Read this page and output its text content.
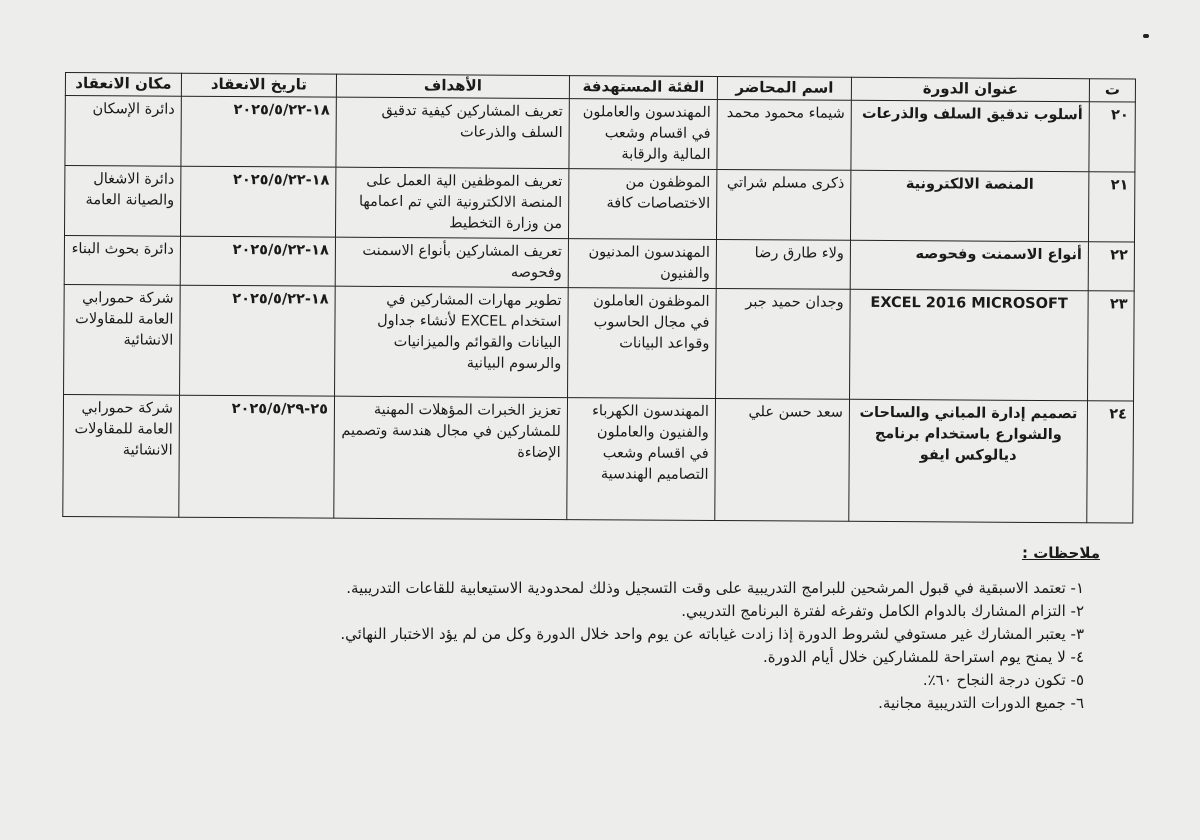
ت	عنوان الدورة	اسم المحاضر	الفئة المستهدفة	الأهداف	تاريخ الانعقاد	مكان الانعقاد
٢٠	أسلوب تدقيق السلف والذرعات	شيماء محمود محمد	المهندسون والعاملون في اقسام وشعب المالية والرقابة	تعريف المشاركين كيفية تدقيق السلف والذرعات	١٨-٢٠٢٥/٥/٢٢	دائرة الإسكان
٢١	المنصة الالكترونية	ذكرى مسلم شراتي	الموظفون من الاختصاصات كافة	تعريف الموظفين الية العمل على المنصة الالكترونية التي تم اعمامها من وزارة التخطيط	١٨-٢٠٢٥/٥/٢٢	دائرة الاشغال والصيانة العامة
٢٢	أنواع الاسمنت وفحوصه	ولاء طارق رضا	المهندسون المدنيون والفنيون	تعريف المشاركين بأنواع الاسمنت وفحوصه	١٨-٢٠٢٥/٥/٢٢	دائرة بحوث البناء
٢٣	EXCEL 2016 MICROSOFT	وجدان حميد جبر	الموظفون العاملون في مجال الحاسوب وقواعد البيانات	تطوير مهارات المشاركين في استخدام EXCEL لأنشاء جداول البيانات والقوائم والميزانيات والرسوم البيانية	١٨-٢٠٢٥/٥/٢٢	شركة حمورابي العامة للمقاولات الانشائية
٢٤	تصميم إدارة المباني والساحات والشوارع باستخدام برنامج ديالوكس ايفو	سعد حسن علي	المهندسون الكهرباء والفنيون والعاملون في اقسام وشعب التصاميم الهندسية	تعزيز الخبرات المؤهلات المهنية للمشاركين في مجال هندسة وتصميم الإضاءة	٢٥-٢٠٢٥/٥/٢٩	شركة حمورابي العامة للمقاولات الانشائية
ملاحظات :
١- تعتمد الاسبقية في قبول المرشحين للبرامج التدريبية على وقت التسجيل وذلك لمحدودية الاستيعابية للقاعات التدريبية.
٢- التزام المشارك بالدوام الكامل وتفرغه لفترة البرنامج التدريبي.
٣- يعتبر المشارك غير مستوفي لشروط الدورة إذا زادت غياباته عن يوم واحد خلال الدورة وكل من لم يؤد الاختبار النهائي.
٤- لا يمنح يوم استراحة للمشاركين خلال أيام الدورة.
٥- تكون درجة النجاح ٦٠٪.
٦- جميع الدورات التدريبية مجانية.
